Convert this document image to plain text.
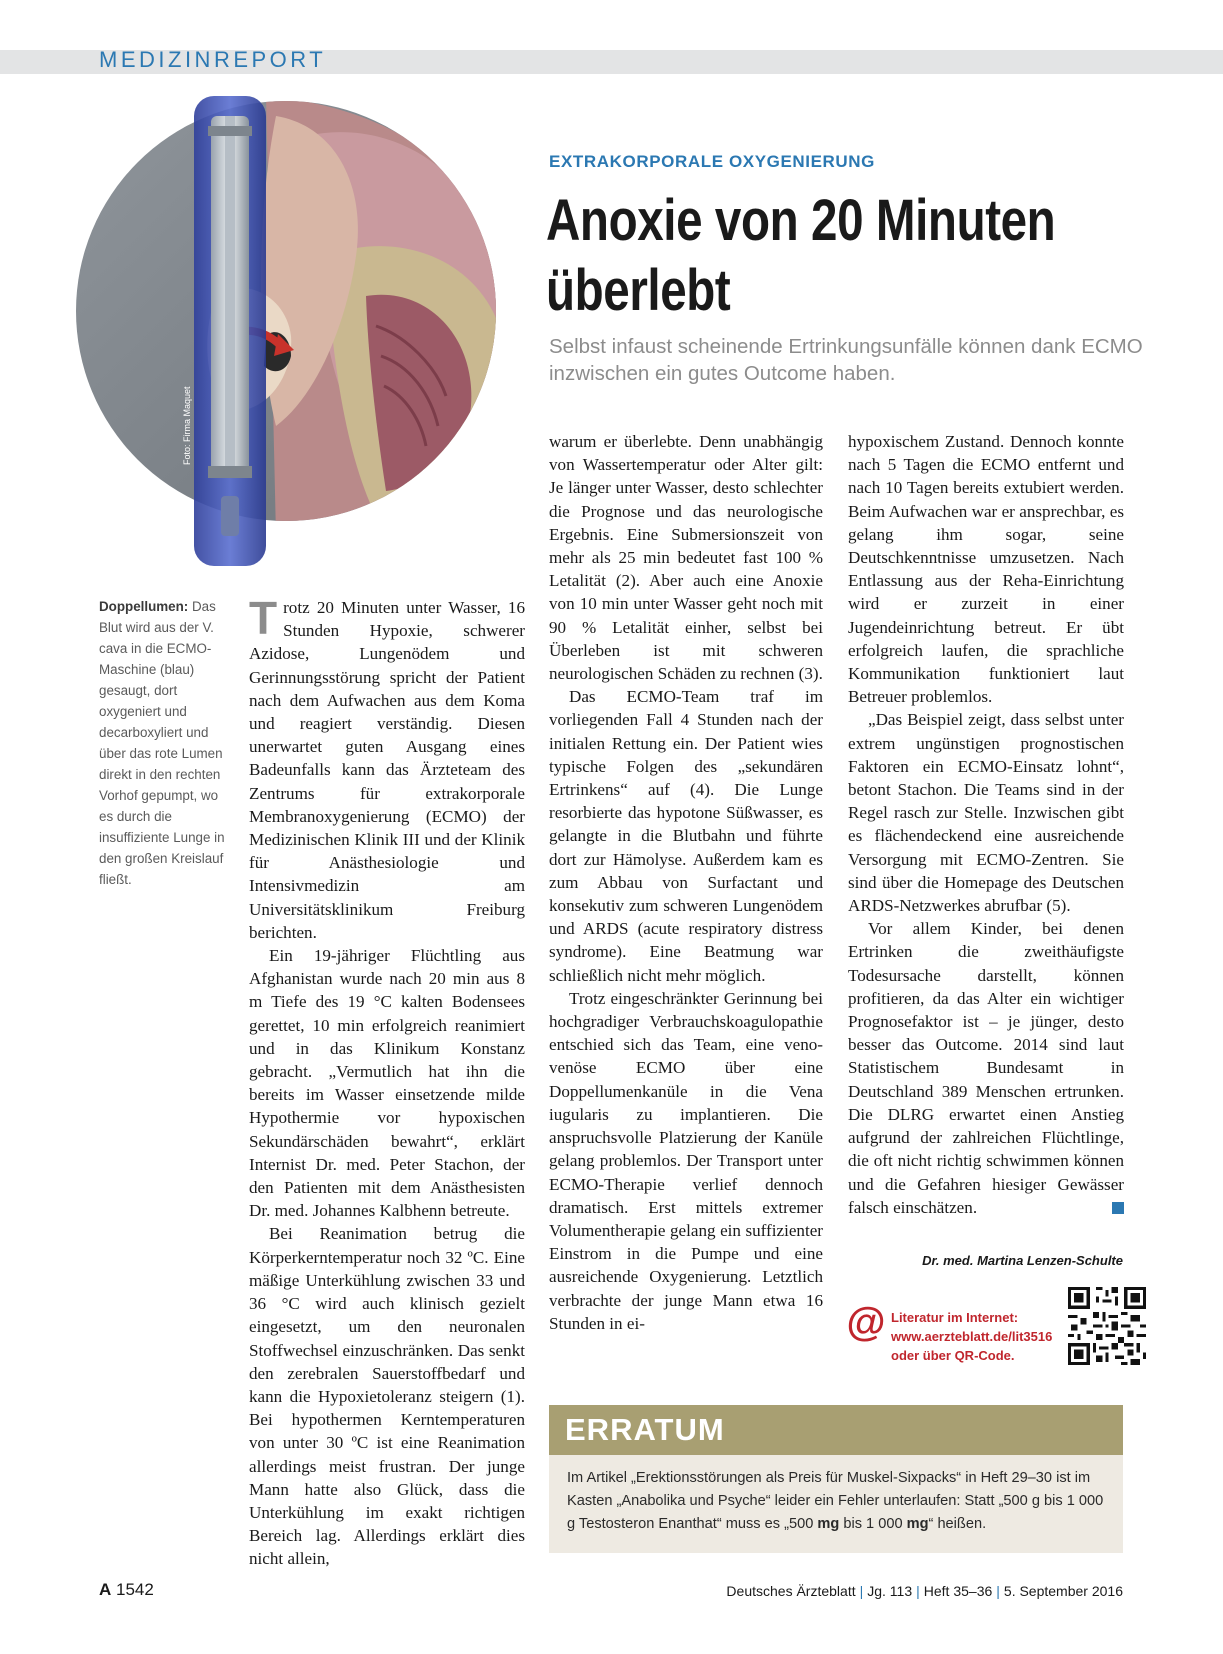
MEDIZINREPORT
Foto: Firma Maquet
EXTRAKORPORALE OXYGENIERUNG
Anoxie von 20 Minuten
überlebt
Selbst infaust scheinende Ertrinkungsunfälle können dank ECMO inzwischen ein gutes Outcome haben.
Doppellumen: Das Blut wird aus der V. cava in die ECMO-Maschine (blau) gesaugt, dort oxygeniert und decarboxyliert und über das rote Lumen direkt in den rechten Vorhof gepumpt, wo es durch die insuffiziente Lunge in den großen Kreislauf fließt.

Trotz 20 Minuten unter Wasser, 16 Stunden Hypoxie, schwerer Azidose, Lungenödem und Gerinnungsstörung spricht der Patient nach dem Aufwachen aus dem Koma und reagiert verständig. Diesen unerwartet guten Ausgang eines Badeunfalls kann das Ärzteteam des Zentrums für extrakorporale Membranoxygenierung (ECMO) der Medizinischen Klinik III und der Klinik für Anästhesiologie und Intensivmedizin am Universitätsklinikum Freiburg berichten.

Ein 19-jähriger Flüchtling aus Afghanistan wurde nach 20 min aus 8 m Tiefe des 19 °C kalten Bodensees gerettet, 10 min erfolgreich reanimiert und in das Klinikum Konstanz gebracht. „Vermutlich hat ihn die bereits im Wasser einsetzende milde Hypothermie vor hypoxischen Sekundärschäden bewahrt“, erklärt Internist Dr. med. Peter Stachon, der den Patienten mit dem Anästhesisten Dr. med. Johannes Kalbhenn betreute.

Bei Reanimation betrug die Körperkerntemperatur noch 32 ºC. Eine mäßige Unterkühlung zwischen 33 und 36 °C wird auch klinisch gezielt eingesetzt, um den neuronalen Stoffwechsel einzuschränken. Das senkt den zerebralen Sauerstoffbedarf und kann die Hypoxietoleranz steigern (1). Bei hypothermen Kerntemperaturen von unter 30 ºC ist eine Reanimation allerdings meist frustran. Der junge Mann hatte also Glück, dass die Unterkühlung im exakt richtigen Bereich lag. Allerdings erklärt dies nicht allein,

warum er überlebte. Denn unabhängig von Wassertemperatur oder Alter gilt: Je länger unter Wasser, desto schlechter die Prognose und das neurologische Ergebnis. Eine Submersionszeit von mehr als 25 min bedeutet fast 100 % Letalität (2). Aber auch eine Anoxie von 10 min unter Wasser geht noch mit 90 % Letalität einher, selbst bei Überleben ist mit schweren neurologischen Schäden zu rechnen (3).

Das ECMO-Team traf im vorliegenden Fall 4 Stunden nach der initialen Rettung ein. Der Patient wies typische Folgen des „sekundären Ertrinkens“ auf (4). Die Lunge resorbierte das hypotone Süßwasser, es gelangte in die Blutbahn und führte dort zur Hämolyse. Außerdem kam es zum Abbau von Surfactant und konsekutiv zum schweren Lungenödem und ARDS (acute respiratory distress syndrome). Eine Beatmung war schließlich nicht mehr möglich.

Trotz eingeschränkter Gerinnung bei hochgradiger Verbrauchskoagulopathie entschied sich das Team, eine veno-venöse ECMO über eine Doppellumenkanüle in die Vena iugularis zu implantieren. Die anspruchsvolle Platzierung der Kanüle gelang problemlos. Der Transport unter ECMO-Therapie verlief dennoch dramatisch. Erst mittels extremer Volumentherapie gelang ein suffizienter Einstrom in die Pumpe und eine ausreichende Oxygenierung. Letztlich verbrachte der junge Mann etwa 16 Stunden in ei-

hypoxischem Zustand. Dennoch konnte nach 5 Tagen die ECMO entfernt und nach 10 Tagen bereits extubiert werden. Beim Aufwachen war er ansprechbar, es gelang ihm sogar, seine Deutschkenntnisse umzusetzen. Nach Entlassung aus der Reha-Einrichtung wird er zurzeit in einer Jugendeinrichtung betreut. Er übt erfolgreich laufen, die sprachliche Kommunikation funktioniert laut Betreuer problemlos.

„Das Beispiel zeigt, dass selbst unter extrem ungünstigen prognostischen Faktoren ein ECMO-Einsatz lohnt“, betont Stachon. Die Teams sind in der Regel rasch zur Stelle. Inzwischen gibt es flächendeckend eine ausreichende Versorgung mit ECMO-Zentren. Sie sind über die Homepage des Deutschen ARDS-Netzwerkes abrufbar (5).

Vor allem Kinder, bei denen Ertrinken die zweithäufigste Todesursache darstellt, können profitieren, da das Alter ein wichtiger Prognosefaktor ist – je jünger, desto besser das Outcome. 2014 sind laut Statistischem Bundesamt in Deutschland 389 Menschen ertrunken. Die DLRG erwartet einen Anstieg aufgrund der zahlreichen Flüchtlinge, die oft nicht richtig schwimmen können und die Gefahren hiesiger Gewässer falsch einschätzen.

Dr. med. Martina Lenzen-Schulte
@ Literatur im Internet:
www.aerzteblatt.de/lit3516
oder über QR-Code.
ERRATUM
Im Artikel „Erektionsstörungen als Preis für Muskel-Sixpacks“ in Heft 29–30 ist im Kasten „Anabolika und Psyche“ leider ein Fehler unterlaufen: Statt „500 g bis 1 000 g Testosteron Enanthat“ muss es „500 mg bis 1 000 mg“ heißen.
A 1542	Deutsches Ärzteblatt | Jg. 113 | Heft 35–36 | 5. September 2016
